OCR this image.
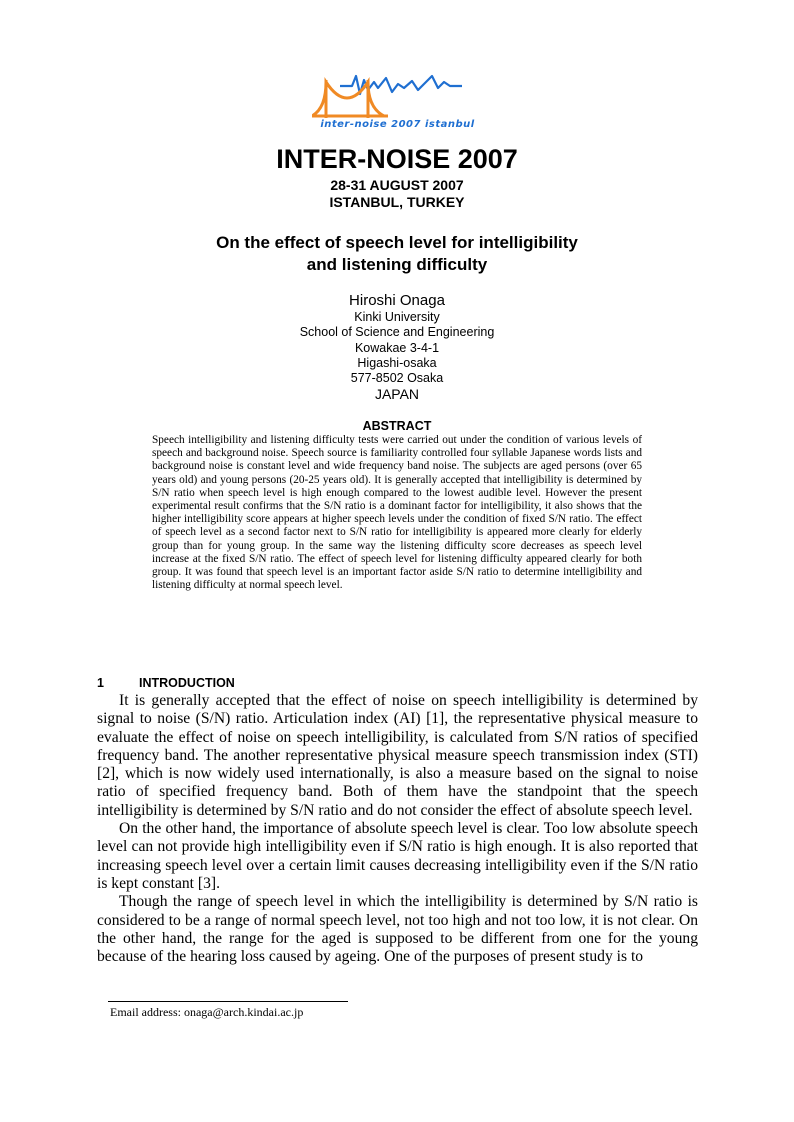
inter-noise 2007 istanbul
INTER-NOISE 2007
28-31 AUGUST 2007
ISTANBUL, TURKEY
On the effect of speech level for intelligibility
and listening difficulty
Hiroshi Onaga
Kinki University
School of Science and Engineering
Kowakae 3-4-1
Higashi-osaka
577-8502 Osaka
JAPAN
ABSTRACT
Speech intelligibility and listening difficulty tests were carried out under the condition of various levels of speech and background noise. Speech source is familiarity controlled four syllable Japanese words lists and background noise is constant level and wide frequency band noise. The subjects are aged persons (over 65 years old) and young persons (20-25 years old). It is generally accepted that intelligibility is determined by S/N ratio when speech level is high enough compared to the lowest audible level. However the present experimental result confirms that the S/N ratio is a dominant factor for intelligibility, it also shows that the higher intelligibility score appears at higher speech levels under the condition of fixed S/N ratio. The effect of speech level as a second factor next to S/N ratio for intelligibility is appeared more clearly for elderly group than for young group. In the same way the listening difficulty score decreases as speech level increase at the fixed S/N ratio. The effect of speech level for listening difficulty appeared clearly for both group. It was found that speech level is an important factor aside S/N ratio to determine intelligibility and listening difficulty at normal speech level.
1	INTRODUCTION

It is generally accepted that the effect of noise on speech intelligibility is determined by signal to noise (S/N) ratio. Articulation index (AI) [1], the representative physical measure to evaluate the effect of noise on speech intelligibility, is calculated from S/N ratios of specified frequency band. The another representative physical measure speech transmission index (STI) [2], which is now widely used internationally, is also a measure based on the signal to noise ratio of specified frequency band. Both of them have the standpoint that the speech intelligibility is determined by S/N ratio and do not consider the effect of absolute speech level.

On the other hand, the importance of absolute speech level is clear. Too low absolute speech level can not provide high intelligibility even if S/N ratio is high enough. It is also reported that increasing speech level over a certain limit causes decreasing intelligibility even if the S/N ratio is kept constant [3].

Though the range of speech level in which the intelligibility is determined by S/N ratio is considered to be a range of normal speech level, not too high and not too low, it is not clear. On the other hand, the range for the aged is supposed to be different from one for the young because of the hearing loss caused by ageing. One of the purposes of present study is to

Email address: onaga@arch.kindai.ac.jp
